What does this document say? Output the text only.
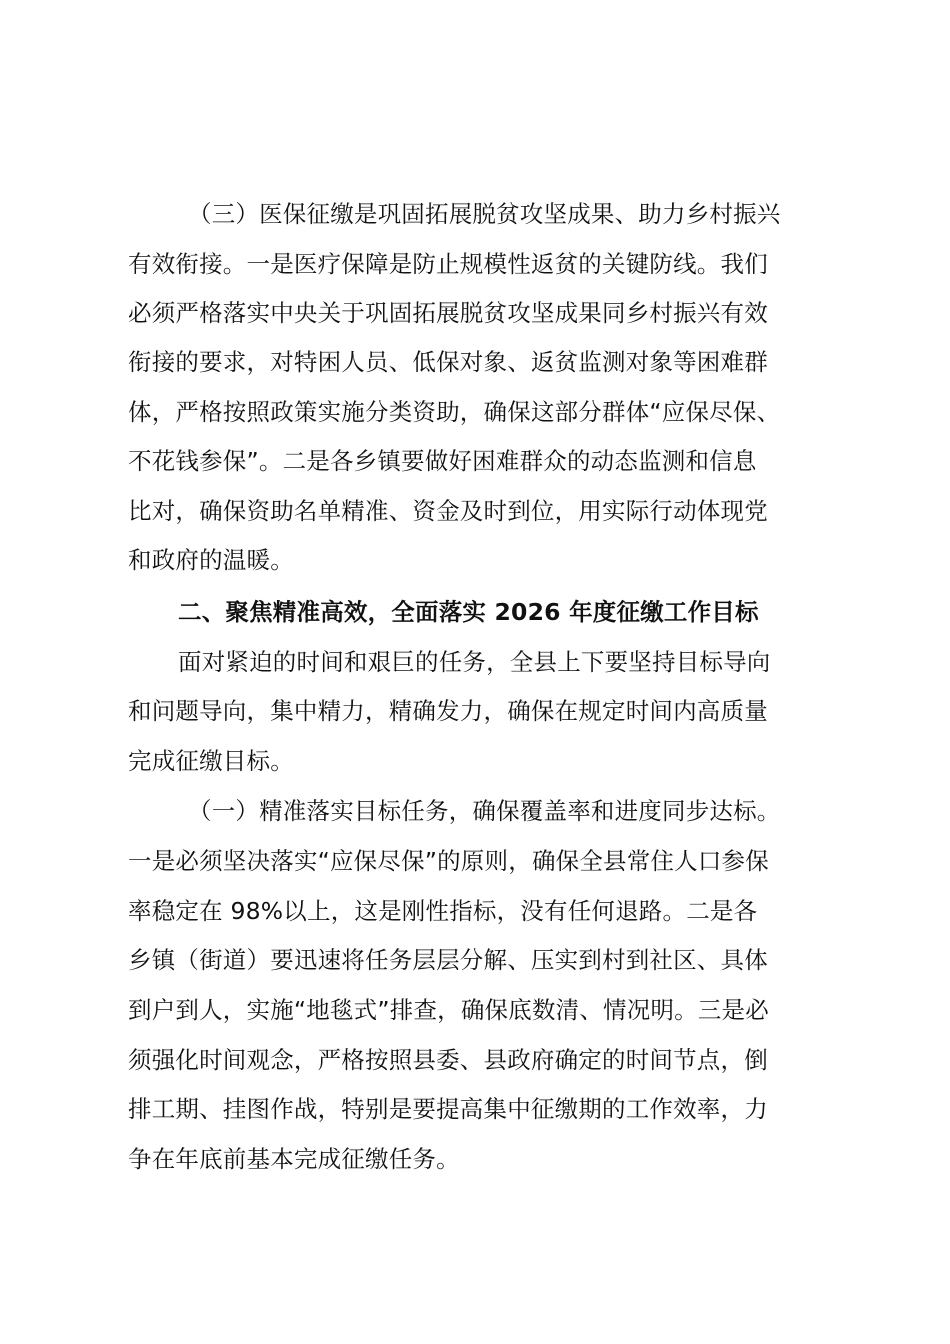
（三）医保征缴是巩固拓展脱贫攻坚成果、助力乡村振兴

有效衔接。一是医疗保障是防止规模性返贫的关键防线。我们

必须严格落实中央关于巩固拓展脱贫攻坚成果同乡村振兴有效

衔接的要求，对特困人员、低保对象、返贫监测对象等困难群

体，严格按照政策实施分类资助，确保这部分群体“应保尽保、

不花钱参保”。二是各乡镇要做好困难群众的动态监测和信息

比对，确保资助名单精准、资金及时到位，用实际行动体现党

和政府的温暖。

二、聚焦精准高效，全面落实 2026 年度征缴工作目标

面对紧迫的时间和艰巨的任务，全县上下要坚持目标导向

和问题导向，集中精力，精确发力，确保在规定时间内高质量

完成征缴目标。

（一）精准落实目标任务，确保覆盖率和进度同步达标。

一是必须坚决落实“应保尽保”的原则，确保全县常住人口参保

率稳定在 98%以上，这是刚性指标，没有任何退路。二是各

乡镇（街道）要迅速将任务层层分解、压实到村到社区、具体

到户到人，实施“地毯式”排查，确保底数清、情况明。三是必

须强化时间观念，严格按照县委、县政府确定的时间节点，倒

排工期、挂图作战，特别是要提高集中征缴期的工作效率，力

争在年底前基本完成征缴任务。
